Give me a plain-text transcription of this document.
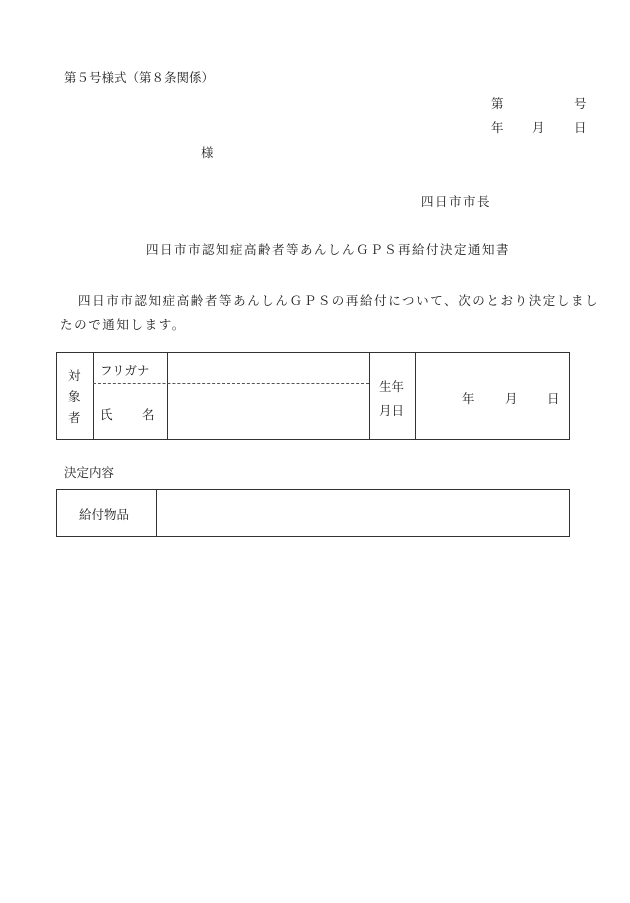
第５号様式（第８条関係）
第	号
年 月 日
様
四日市市長
四日市市認知症高齢者等あんしんＧＰＳ再給付決定通知書
四日市市認知症高齢者等あんしんＧＰＳの再給付について、次のとおり決定しまし
たので通知します。
対
象
者
フリガナ
氏 名
生年
月日
年 月 日
決定内容
給付物品
